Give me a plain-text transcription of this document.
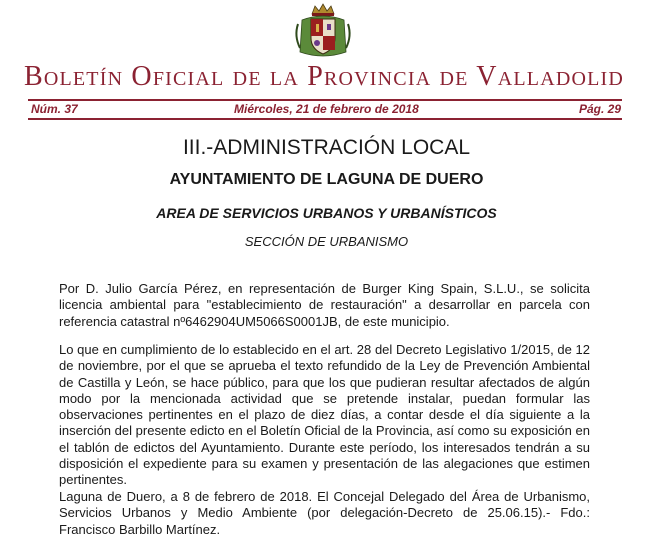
Boletín Oficial de la Provincia de Valladolid
Núm. 37	Miércoles, 21 de febrero de 2018	Pág. 29
III.-ADMINISTRACIÓN LOCAL
AYUNTAMIENTO DE LAGUNA DE DUERO
AREA DE SERVICIOS URBANOS Y URBANÍSTICOS
SECCIÓN DE URBANISMO
Por D. Julio García Pérez, en representación de Burger King Spain, S.L.U., se solicita licencia ambiental para "establecimiento de restauración" a desarrollar en parcela con referencia catastral nº6462904UM5066S0001JB, de este municipio.
Lo que en cumplimiento de lo establecido en el art. 28 del Decreto Legislativo 1/2015, de 12 de noviembre, por el que se aprueba el texto refundido de la Ley de Prevención Ambiental de Castilla y León, se hace público, para que los que pudieran resultar afectados de algún modo por la mencionada actividad que se pretende instalar, puedan formular las observaciones pertinentes en el plazo de diez días, a contar desde el día siguiente a la inserción del presente edicto en el Boletín Oficial de la Provincia, así como su exposición en el tablón de edictos del Ayuntamiento. Durante este período, los interesados tendrán a su disposición el expediente para su examen y presentación de las alegaciones que estimen pertinentes.
Laguna de Duero, a 8 de febrero de 2018. El Concejal Delegado del Área de Urbanismo, Servicios Urbanos y Medio Ambiente (por delegación-Decreto de 25.06.15).- Fdo.: Francisco Barbillo Martínez.
